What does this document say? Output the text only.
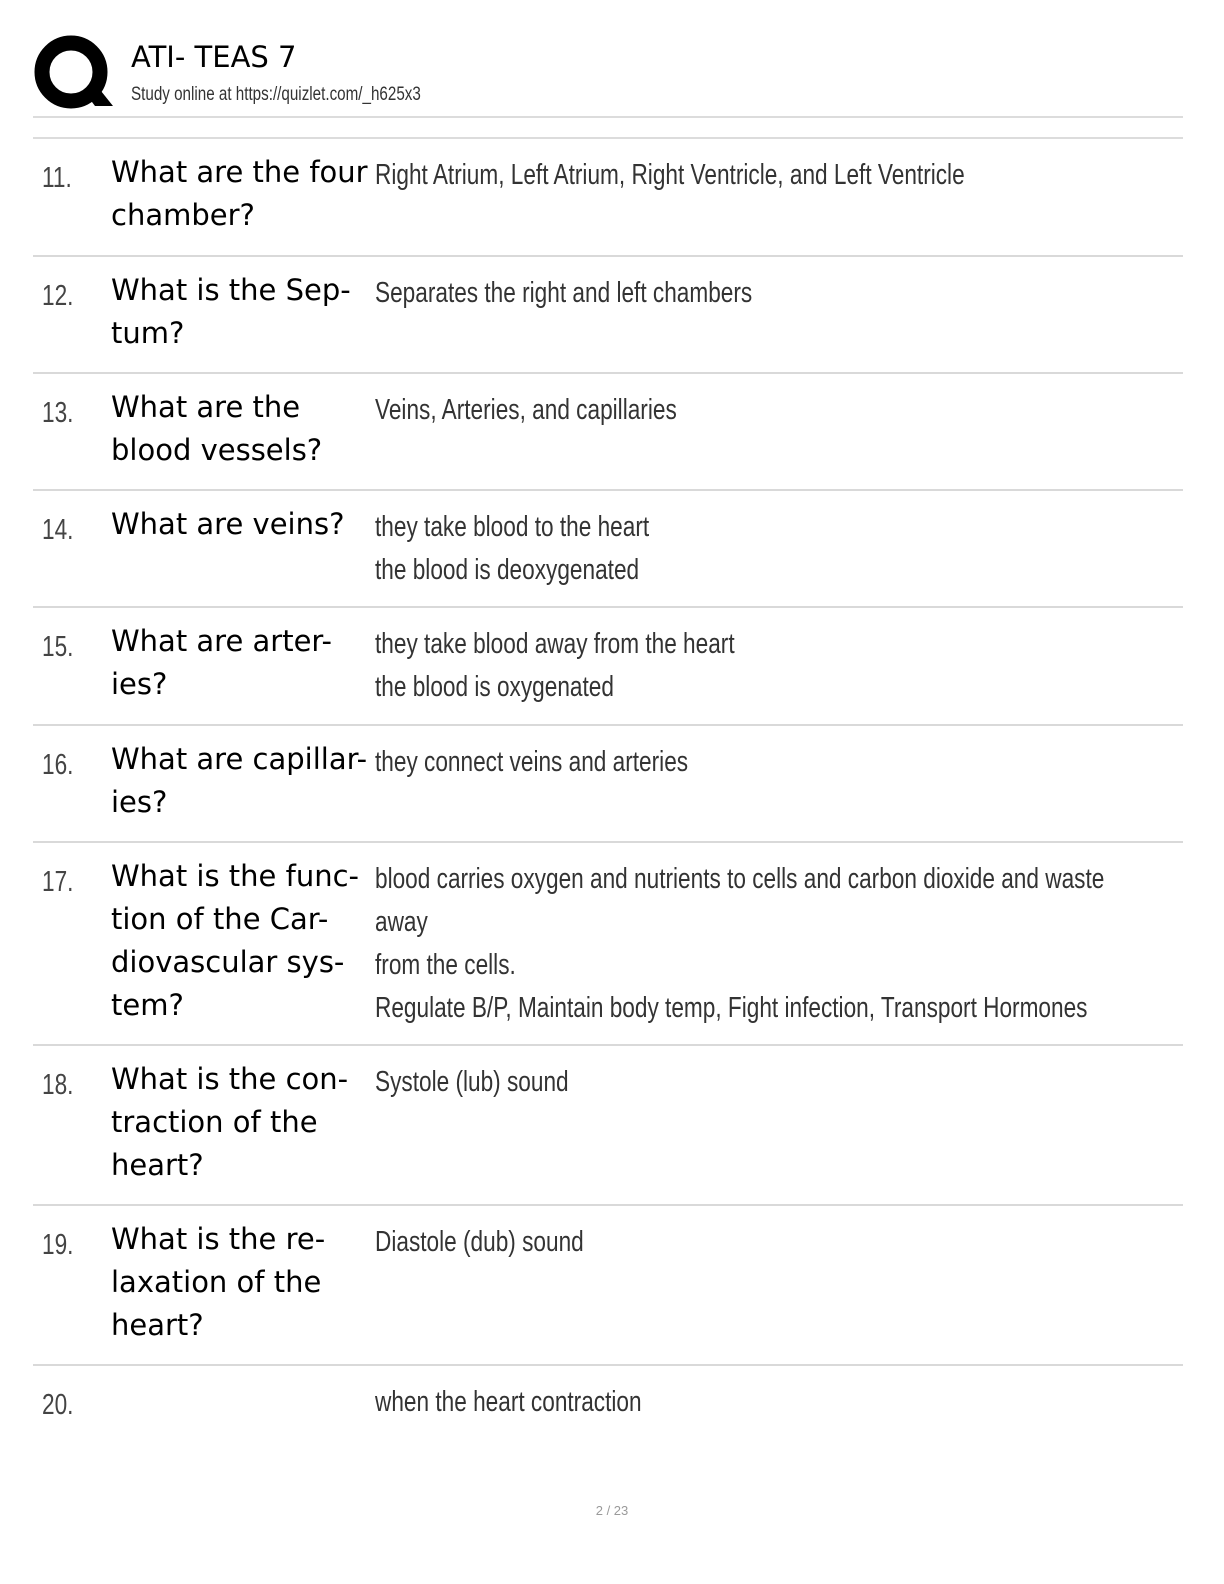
ATI- TEAS 7
Study online at https://quizlet.com/_h625x3
11. What are the four
chamber?
Right Atrium, Left Atrium, Right Ventricle, and Left Ventricle
12. What is the Sep-
tum?
Separates the right and left chambers
13. What are the
blood vessels?
Veins, Arteries, and capillaries
14. What are veins?	they take blood to the heart
the blood is deoxygenated
15. What are arter-
ies?
they take blood away from the heart
the blood is oxygenated
16. What are capillar-
ies?
they connect veins and arteries
17. What is the func-
tion of the Car-
diovascular sys-
tem?
blood carries oxygen and nutrients to cells and carbon dioxide and waste away
from the cells.
Regulate B/P, Maintain body temp, Fight infection, Transport Hormones
18. What is the con-
traction of the
heart?
Systole (lub) sound
19. What is the re-
laxation of the
heart?
Diastole (dub) sound
20.	when the heart contraction
2 / 23
